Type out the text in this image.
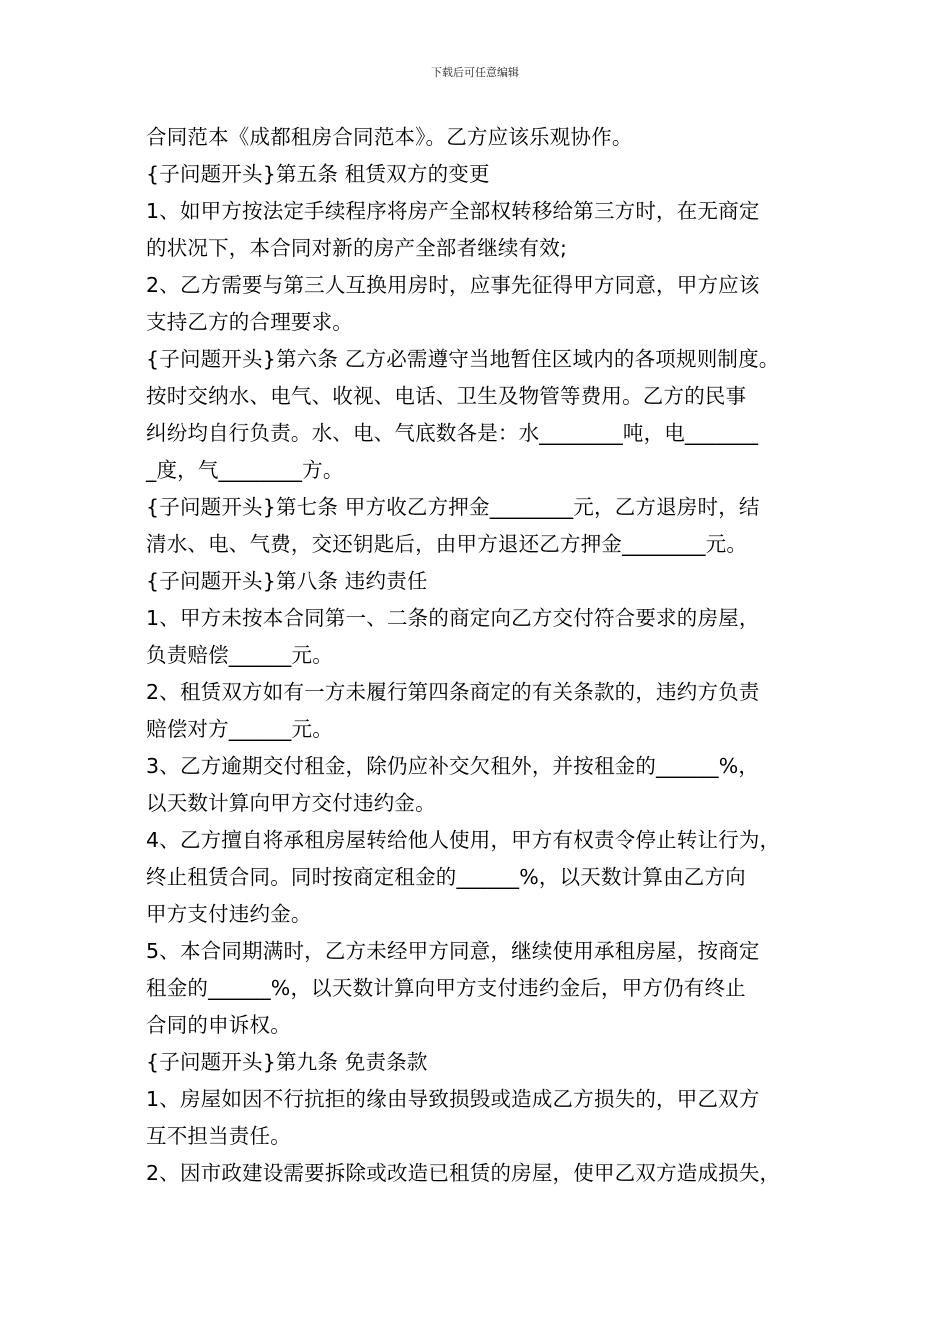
下载后可任意编辑
合同范本《成都租房合同范本》。乙方应该乐观协作。
{子问题开头}第五条 租赁双方的变更
1、如甲方按法定手续程序将房产全部权转移给第三方时，在无商定
的状况下，本合同对新的房产全部者继续有效;
2、乙方需要与第三人互换用房时，应事先征得甲方同意，甲方应该
支持乙方的合理要求。
{子问题开头}第六条 乙方必需遵守当地暂住区域内的各项规则制度。
按时交纳水、电气、收视、电话、卫生及物管等费用。乙方的民事
纠纷均自行负责。水、电、气底数各是：水________吨，电_______
_度，气________方。
{子问题开头}第七条 甲方收乙方押金________元，乙方退房时，结
清水、电、气费，交还钥匙后，由甲方退还乙方押金________元。
{子问题开头}第八条 违约责任
1、甲方未按本合同第一、二条的商定向乙方交付符合要求的房屋，
负责赔偿______元。
2、租赁双方如有一方未履行第四条商定的有关条款的，违约方负责
赔偿对方______元。
3、乙方逾期交付租金，除仍应补交欠租外，并按租金的______%，
以天数计算向甲方交付违约金。
4、乙方擅自将承租房屋转给他人使用，甲方有权责令停止转让行为，
终止租赁合同。同时按商定租金的______%，以天数计算由乙方向
甲方支付违约金。
5、本合同期满时，乙方未经甲方同意，继续使用承租房屋，按商定
租金的______%，以天数计算向甲方支付违约金后，甲方仍有终止
合同的申诉权。
{子问题开头}第九条 免责条款
1、房屋如因不行抗拒的缘由导致损毁或造成乙方损失的，甲乙双方
互不担当责任。
2、因市政建设需要拆除或改造已租赁的房屋，使甲乙双方造成损失，
